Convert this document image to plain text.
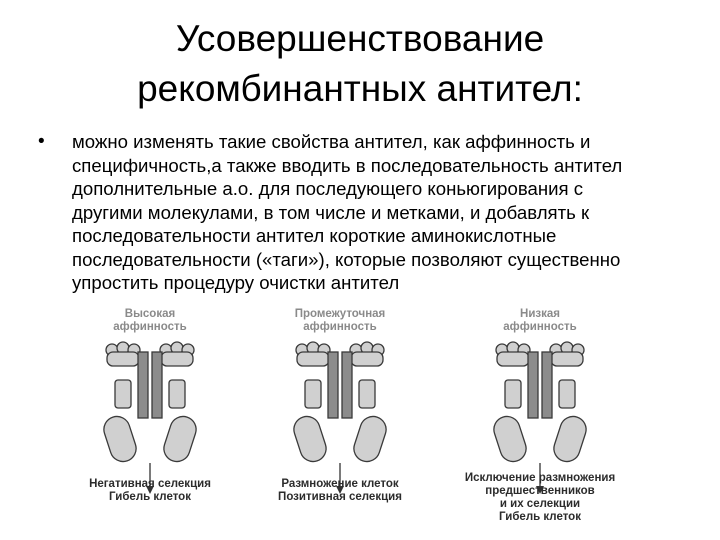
Усовершенствование
рекомбинантных антител:
• можно изменять такие свойства антител, как аффинность и
специфичность,а также вводить в последовательность антител
дополнительные а.о. для последующего коньюгирования с
другими молекулами, в том числе и метками, и добавлять к
последовательности антител короткие аминокислотные
последовательности («таги»), которые позволяют существенно
упростить процедуру очистки антител
Высокая
аффинность
Негативная селекция
Гибель клеток
Промежуточная
аффинность
Размножение клеток
Позитивная селекция
Низкая
аффинность
Исключение размножения
предшественников
и их селекции
Гибель клеток
